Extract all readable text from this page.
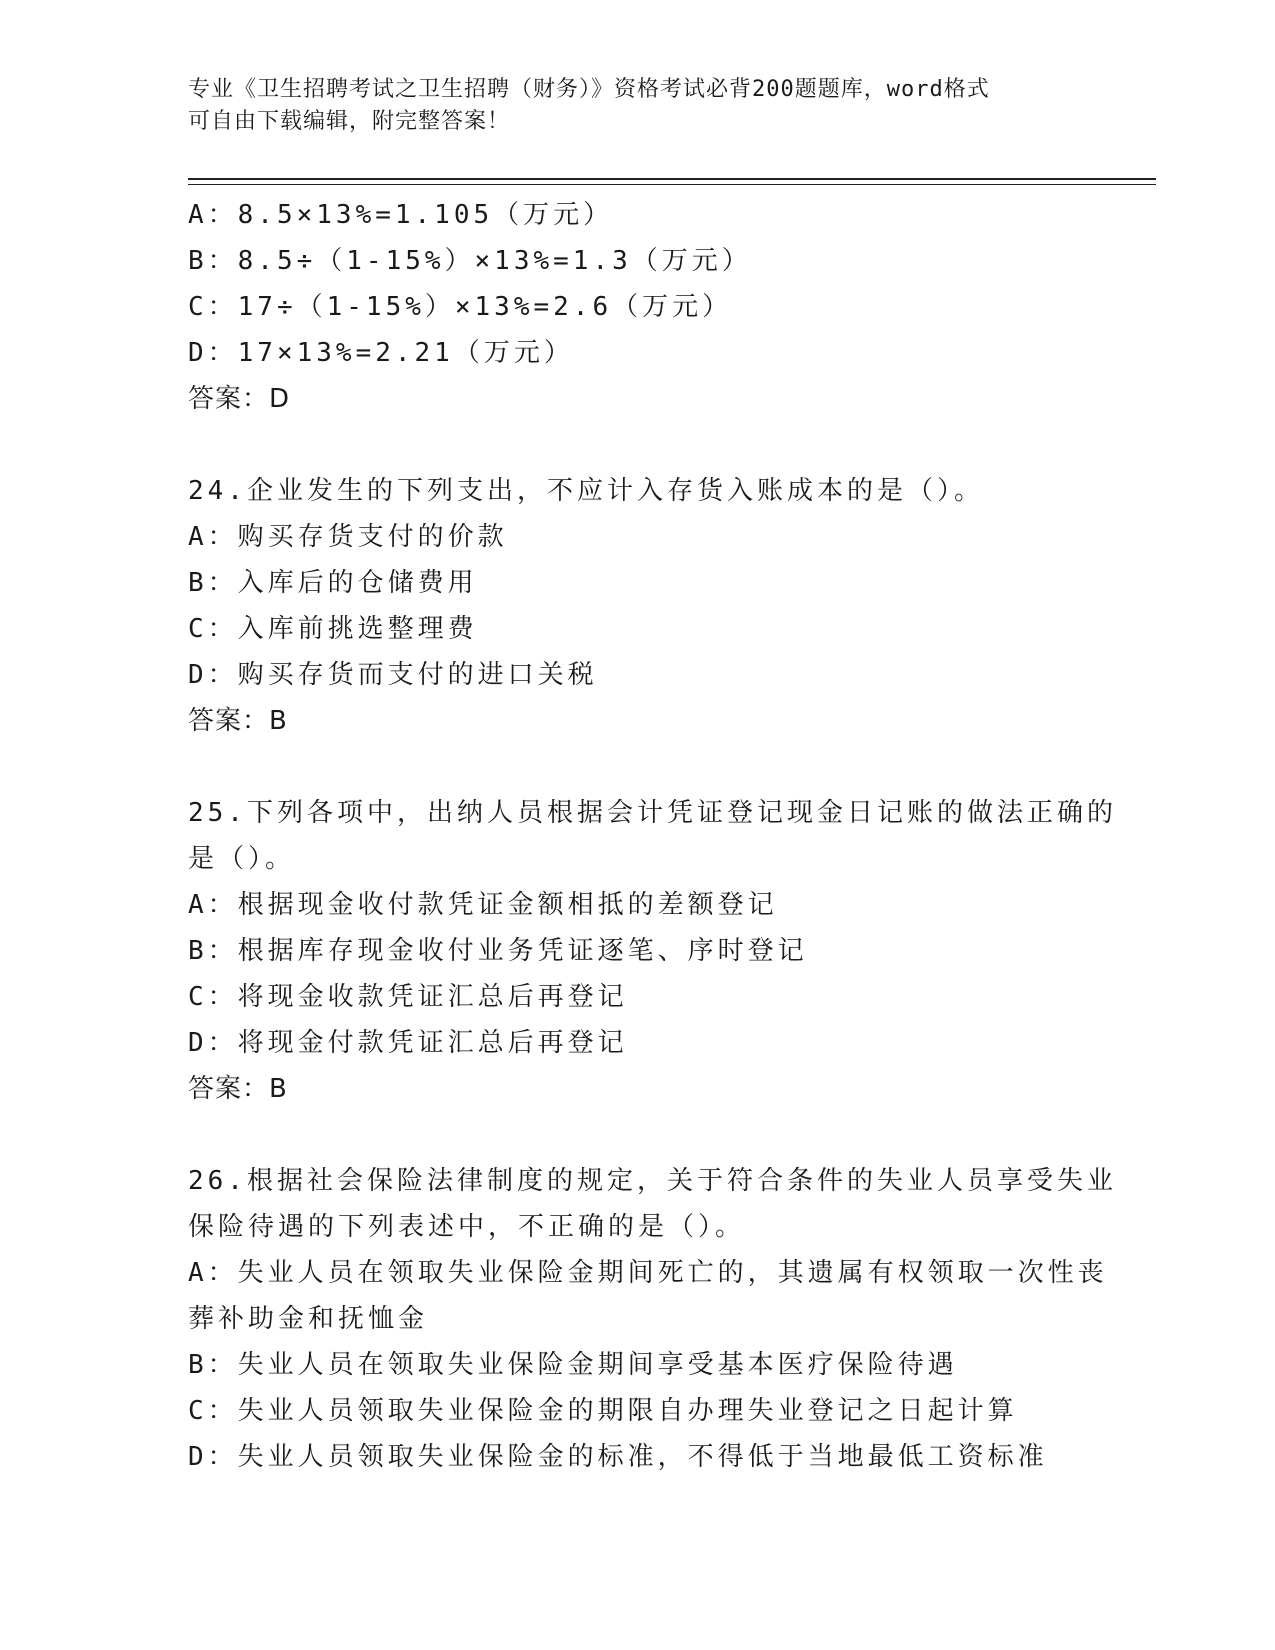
专业《卫生招聘考试之卫生招聘（财务）》资格考试必背200题题库，word格式
可自由下载编辑，附完整答案！
A：8.5×13%=1.105（万元）
B：8.5÷（1-15%）×13%=1.3（万元）
C：17÷（1-15%）×13%=2.6（万元）
D：17×13%=2.21（万元）
答案：D
24.企业发生的下列支出，不应计入存货入账成本的是（）。
A：购买存货支付的价款
B：入库后的仓储费用
C：入库前挑选整理费
D：购买存货而支付的进口关税
答案：B
25.下列各项中，出纳人员根据会计凭证登记现金日记账的做法正确的
是（）。
A：根据现金收付款凭证金额相抵的差额登记
B：根据库存现金收付业务凭证逐笔、序时登记
C：将现金收款凭证汇总后再登记
D：将现金付款凭证汇总后再登记
答案：B
26.根据社会保险法律制度的规定，关于符合条件的失业人员享受失业
保险待遇的下列表述中，不正确的是（）。
A：失业人员在领取失业保险金期间死亡的，其遗属有权领取一次性丧
葬补助金和抚恤金
B：失业人员在领取失业保险金期间享受基本医疗保险待遇
C：失业人员领取失业保险金的期限自办理失业登记之日起计算
D：失业人员领取失业保险金的标准，不得低于当地最低工资标准
